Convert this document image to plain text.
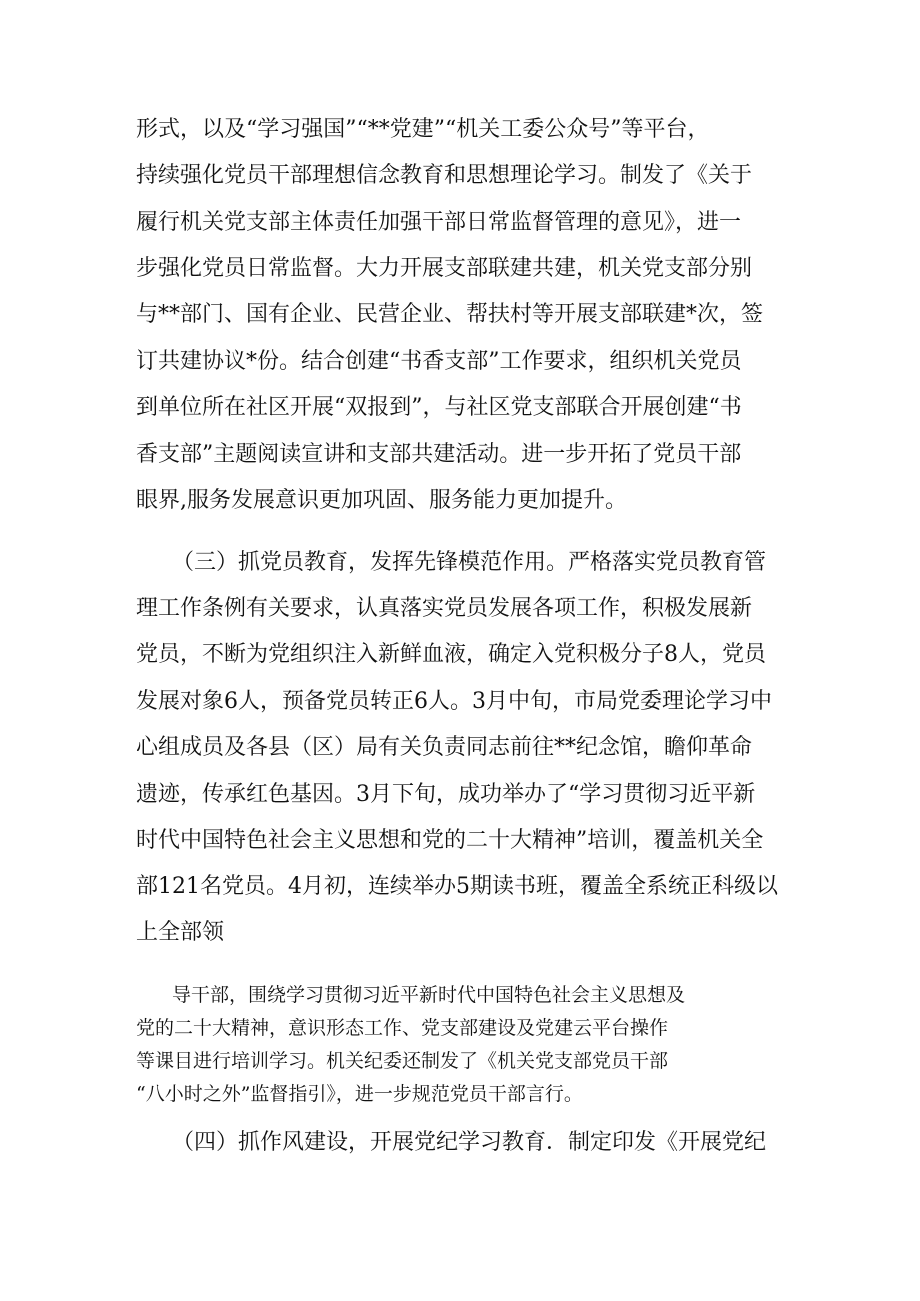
形式，以及“学习强国”“**党建”“机关工委公众号”等平台，
持续强化党员干部理想信念教育和思想理论学习。制发了《关于
履行机关党支部主体责任加强干部日常监督管理的意见》，进一
步强化党员日常监督。大力开展支部联建共建，机关党支部分别
与**部门、国有企业、民营企业、帮扶村等开展支部联建*次，签
订共建协议*份。结合创建“书香支部”工作要求，组织机关党员
到单位所在社区开展“双报到”，与社区党支部联合开展创建“书
香支部”主题阅读宣讲和支部共建活动。进一步开拓了党员干部
眼界,服务发展意识更加巩固、服务能力更加提升。
（三）抓党员教育，发挥先锋模范作用。严格落实党员教育管
理工作条例有关要求，认真落实党员发展各项工作，积极发展新
党员，不断为党组织注入新鲜血液，确定入党积极分子8人，党员
发展对象6人，预备党员转正6人。3月中旬，市局党委理论学习中
心组成员及各县（区）局有关负责同志前往**纪念馆，瞻仰革命
遗迹，传承红色基因。3月下旬，成功举办了“学习贯彻习近平新
时代中国特色社会主义思想和党的二十大精神”培训，覆盖机关全
部121名党员。4月初，连续举办5期读书班，覆盖全系统正科级以
上全部领
导干部，围绕学习贯彻习近平新时代中国特色社会主义思想及
党的二十大精神，意识形态工作、党支部建设及党建云平台操作
等课目进行培训学习。机关纪委还制发了《机关党支部党员干部
“八小时之外”监督指引》，进一步规范党员干部言行。
（四）抓作风建设，开展党纪学习教育．制定印发《开展党纪
